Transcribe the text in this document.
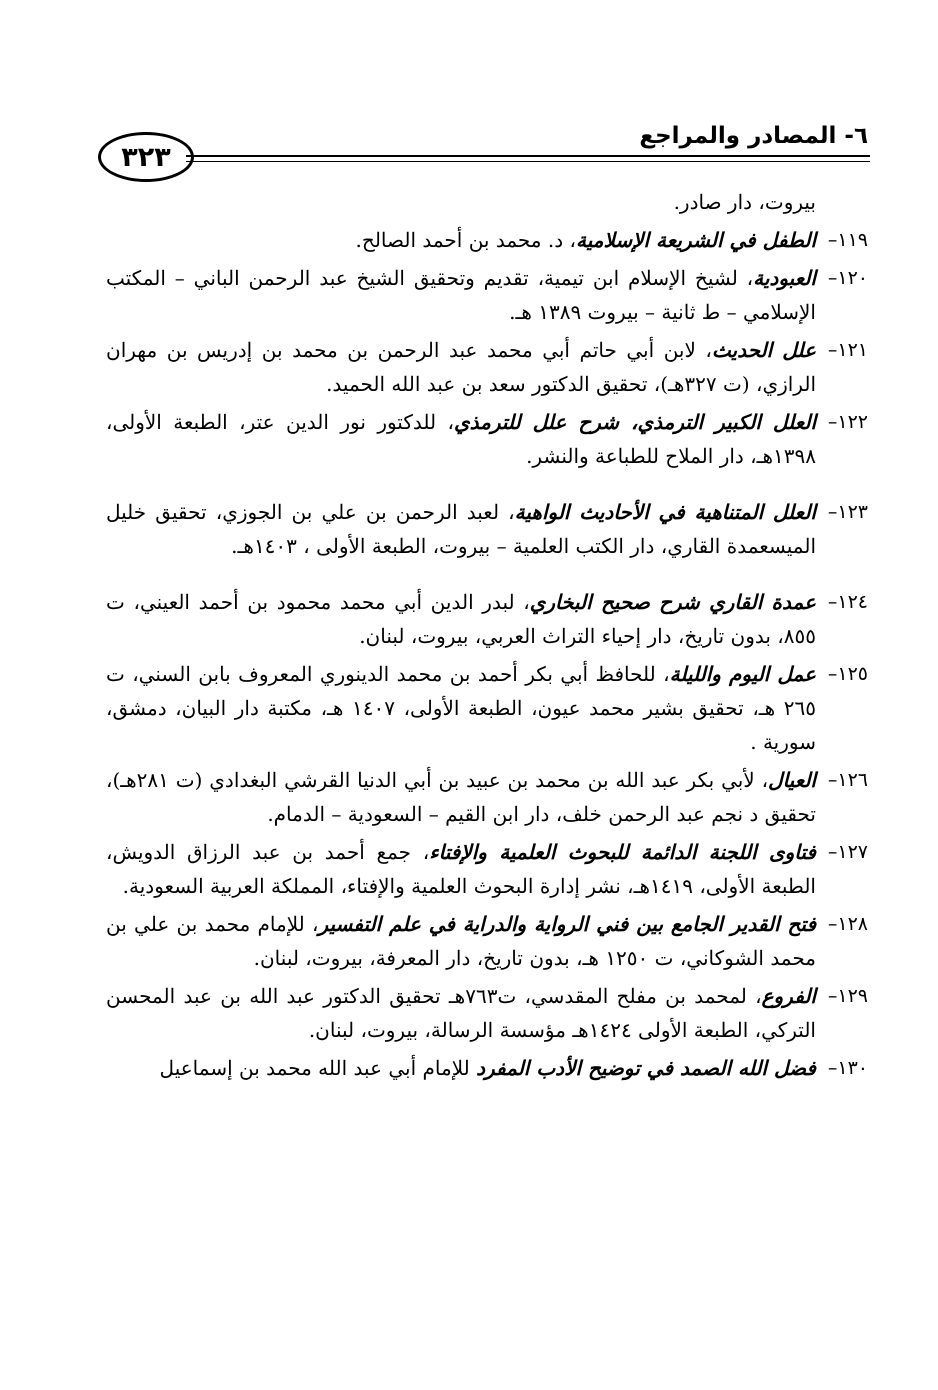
٦- المصادر والمراجع
٣٢٣
بيروت، دار صادر.
١١٩–
الطفل في الشريعة الإسلامية، د. محمد بن أحمد الصالح.
١٢٠–
العبودية، لشيخ الإسلام ابن تيمية، تقديم وتحقيق الشيخ عبد الرحمن الباني – المكتب الإسلامي – ط ثانية – بيروت ١٣٨٩ هـ.
١٢١–
علل الحديث، لابن أبي حاتم أبي محمد عبد الرحمن بن محمد بن إدريس بن مهران الرازي، (ت ٣٢٧هـ)، تحقيق الدكتور سعد بن عبد الله الحميد.
١٢٢–
العلل الكبير الترمذي، شرح علل للترمذي، للدكتور نور الدين عتر، الطبعة الأولى، ١٣٩٨هـ، دار الملاح للطباعة والنشر.
١٢٣–
العلل المتناهية في الأحاديث الواهية، لعبد الرحمن بن علي بن الجوزي، تحقيق خليل الميسعمدة القاري، دار الكتب العلمية – بيروت، الطبعة الأولى ، ١٤٠٣هـ.
١٢٤–
عمدة القاري شرح صحيح البخاري، لبدر الدين أبي محمد محمود بن أحمد العيني، ت ٨٥٥، بدون تاريخ، دار إحياء التراث العربي، بيروت، لبنان.
١٢٥–
عمل اليوم والليلة، للحافظ أبي بكر أحمد بن محمد الدينوري المعروف بابن السني، ت ٢٦٥ هـ، تحقيق بشير محمد عيون، الطبعة الأولى، ١٤٠٧ هـ، مكتبة دار البيان، دمشق، سورية .
١٢٦–
العيال، لأبي بكر عبد الله بن محمد بن عبيد بن أبي الدنيا القرشي البغدادي (ت ٢٨١هـ)، تحقيق د نجم عبد الرحمن خلف، دار ابن القيم – السعودية – الدمام.
١٢٧–
فتاوى اللجنة الدائمة للبحوث العلمية والإفتاء، جمع أحمد بن عبد الرزاق الدويش، الطبعة الأولى، ١٤١٩هـ، نشر إدارة البحوث العلمية والإفتاء، المملكة العربية السعودية.
١٢٨–
فتح القدير الجامع بين فني الرواية والدراية في علم التفسير، للإمام محمد بن علي بن محمد الشوكاني، ت ١٢٥٠ هـ، بدون تاريخ، دار المعرفة، بيروت، لبنان.
١٢٩–
الفروع، لمحمد بن مفلح المقدسي، ت٧٦٣هـ تحقيق الدكتور عبد الله بن عبد المحسن التركي، الطبعة الأولى ١٤٢٤هـ مؤسسة الرسالة، بيروت، لبنان.
١٣٠–
فضل الله الصمد في توضيح الأدب المفرد للإمام أبي عبد الله محمد بن إسماعيل
